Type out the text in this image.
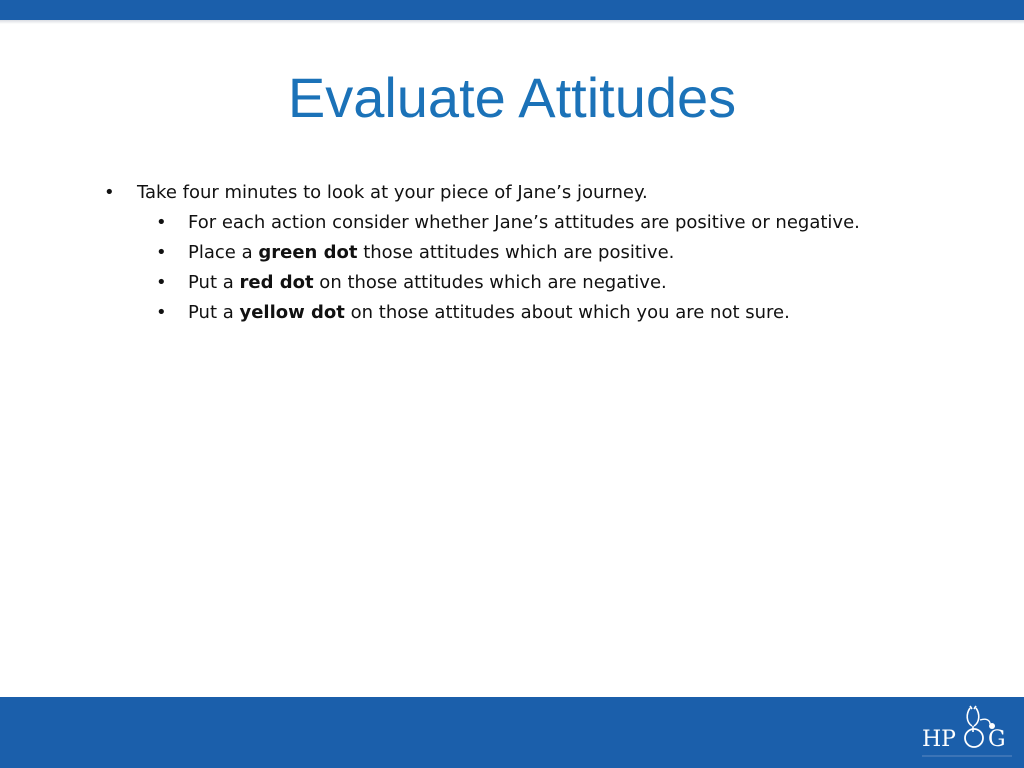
Evaluate Attitudes
• Take four minutes to look at your piece of Jane’s journey.
• For each action consider whether Jane’s attitudes are positive or negative.
• Place a green dot those attitudes which are positive.
• Put a red dot on those attitudes which are negative.
• Put a yellow dot on those attitudes about which you are not sure.
HP G
